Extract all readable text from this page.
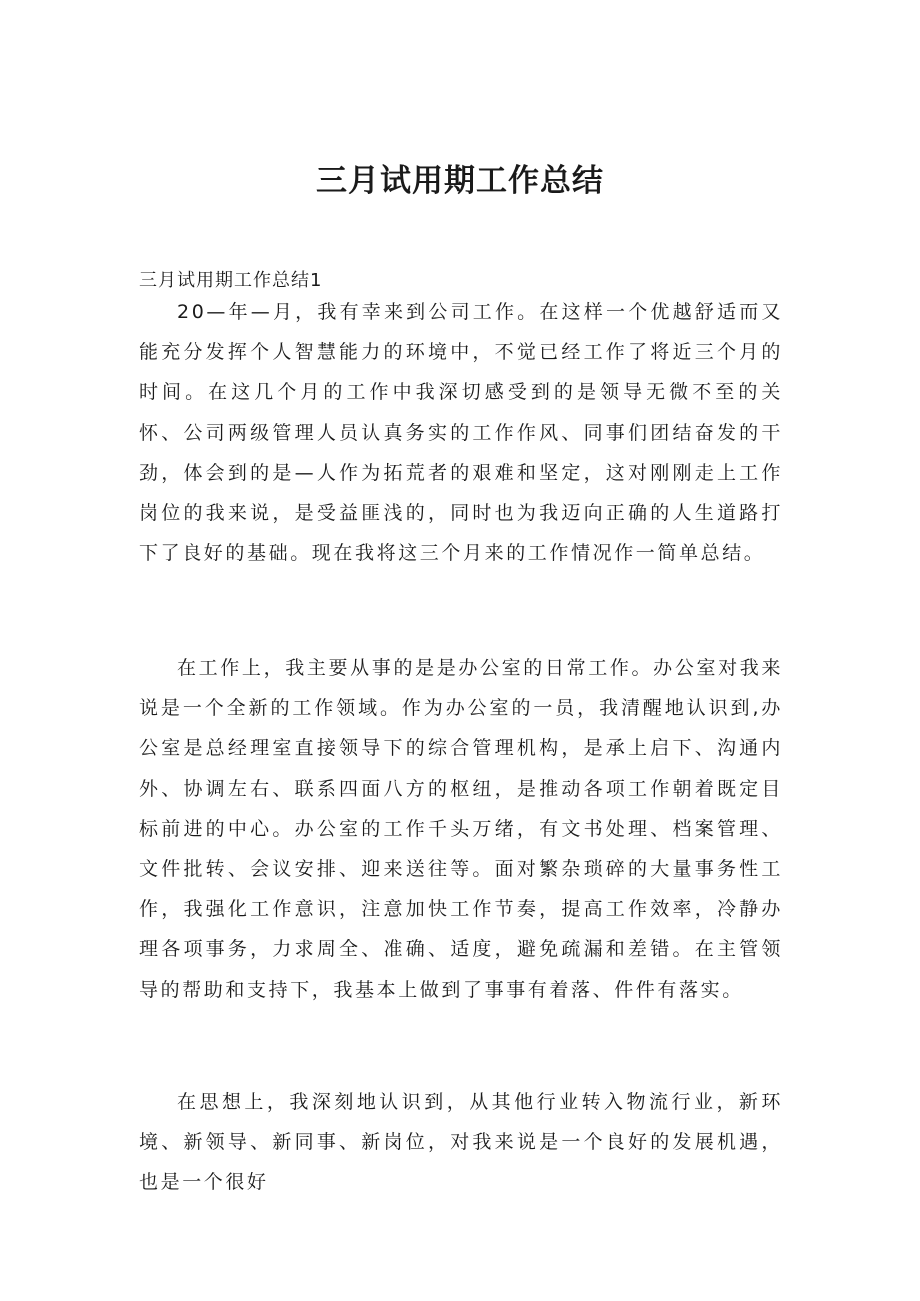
三月试用期工作总结

三月试用期工作总结1

20—年—月，我有幸来到公司工作。在这样一个优越舒适而又能充分发挥个人智慧能力的环境中，不觉已经工作了将近三个月的时间。在这几个月的工作中我深切感受到的是领导无微不至的关怀、公司两级管理人员认真务实的工作作风、同事们团结奋发的干劲，体会到的是—人作为拓荒者的艰难和坚定，这对刚刚走上工作岗位的我来说，是受益匪浅的，同时也为我迈向正确的人生道路打下了良好的基础。现在我将这三个月来的工作情况作一简单总结。

在工作上，我主要从事的是是办公室的日常工作。办公室对我来说是一个全新的工作领域。作为办公室的一员，我清醒地认识到,办公室是总经理室直接领导下的综合管理机构，是承上启下、沟通内外、协调左右、联系四面八方的枢纽，是推动各项工作朝着既定目标前进的中心。办公室的工作千头万绪，有文书处理、档案管理、文件批转、会议安排、迎来送往等。面对繁杂琐碎的大量事务性工作，我强化工作意识，注意加快工作节奏，提高工作效率，冷静办理各项事务，力求周全、准确、适度，避免疏漏和差错。在主管领导的帮助和支持下，我基本上做到了事事有着落、件件有落实。

在思想上，我深刻地认识到，从其他行业转入物流行业，新环境、新领导、新同事、新岗位，对我来说是一个良好的发展机遇，也是一个很好
